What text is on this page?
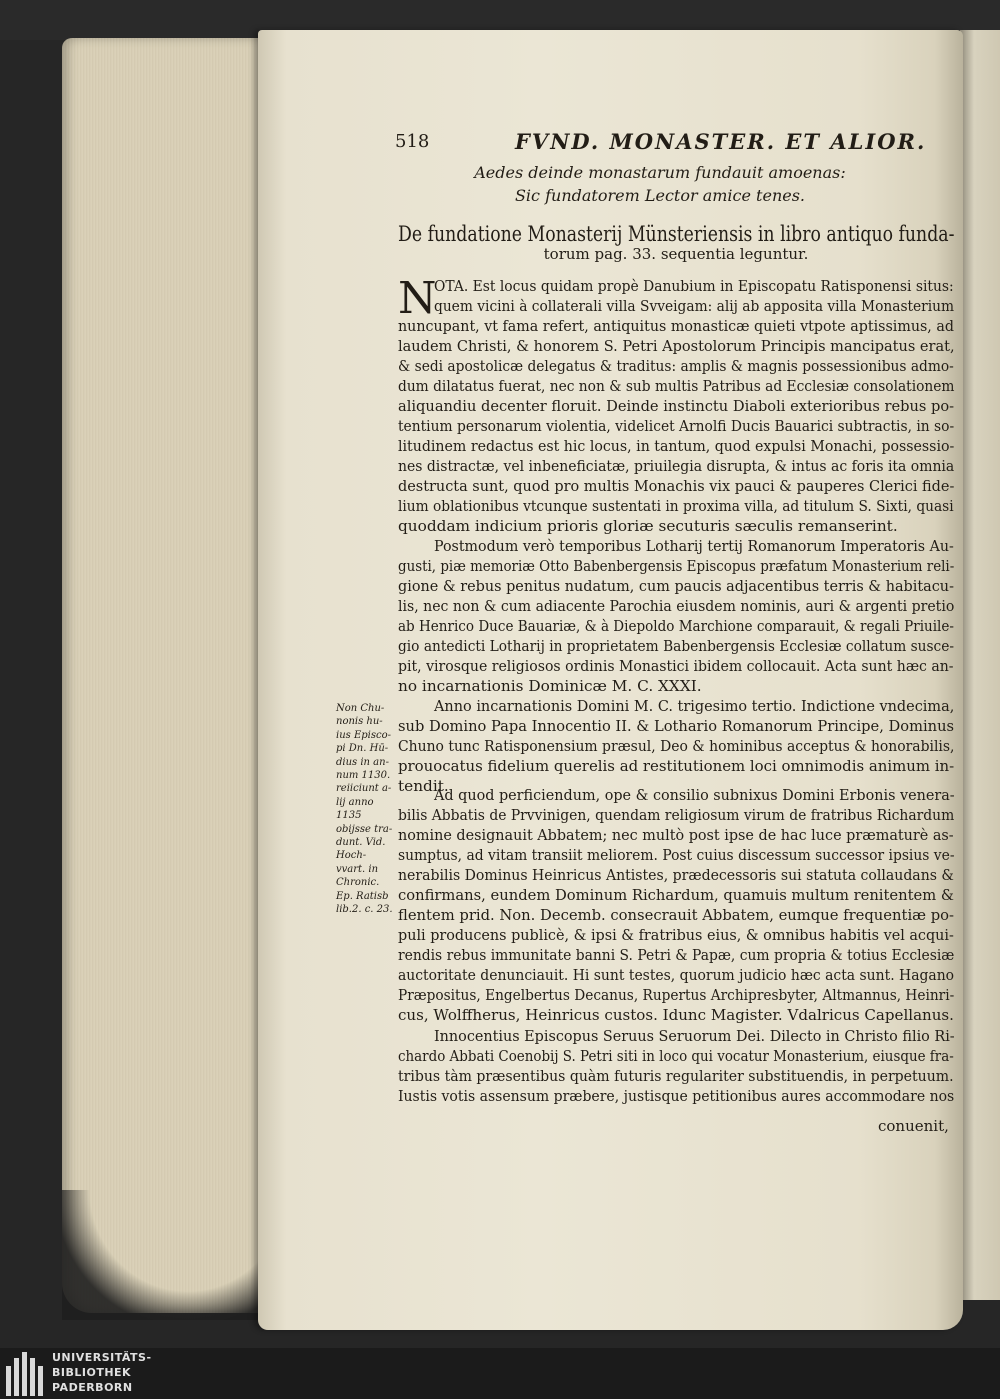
518	FVND. MONASTER. ET ALIOR.
Aedes deinde monastarum fundauit amoenas:
Sic fundatorem Lector amice tenes.
De fundatione Monasterij Münsteriensis in libro antiquo funda-
torum pag. 33. sequentia leguntur.
N
OTA. Est locus quidam propè Danubium in Episcopatu Ratisponensi situs:
quem vicini à collaterali villa Svveigam: alij ab apposita villa Monasterium
nuncupant, vt fama refert, antiquitus monasticæ quieti vtpote aptissimus, ad
laudem Christi, & honorem S. Petri Apostolorum Principis mancipatus erat,
& sedi apostolicæ delegatus & traditus: amplis & magnis possessionibus admo-
dum dilatatus fuerat, nec non & sub multis Patribus ad Ecclesiæ consolationem
aliquandiu decenter floruit. Deinde instinctu Diaboli exterioribus rebus po-
tentium personarum violentia, videlicet Arnolfi Ducis Bauarici subtractis, in so-
litudinem redactus est hic locus, in tantum, quod expulsi Monachi, possessio-
nes distractæ, vel inbeneficiatæ, priuilegia disrupta, & intus ac foris ita omnia
destructa sunt, quod pro multis Monachis vix pauci & pauperes Clerici fide-
lium oblationibus vtcunque sustentati in proxima villa, ad titulum S. Sixti, quasi
quoddam indicium prioris gloriæ secuturis sæculis remanserint.
Postmodum verò temporibus Lotharij tertij Romanorum Imperatoris Au-
gusti, piæ memoriæ Otto Babenbergensis Episcopus præfatum Monasterium reli-
gione & rebus penitus nudatum, cum paucis adjacentibus terris & habitacu-
lis, nec non & cum adiacente Parochia eiusdem nominis, auri & argenti pretio
ab Henrico Duce Bauariæ, & à Diepoldo Marchione comparauit, & regali Priuile-
gio antedicti Lotharij in proprietatem Babenbergensis Ecclesiæ collatum susce-
pit, virosque religiosos ordinis Monastici ibidem collocauit. Acta sunt hæc an-
no incarnationis Dominicæ M. C. XXXI.
Anno incarnationis Domini M. C. trigesimo tertio. Indictione vndecima,
sub Domino Papa Innocentio II. & Lothario Romanorum Principe, Dominus
Chuno tunc Ratisponensium præsul, Deo & hominibus acceptus & honorabilis,
prouocatus fidelium querelis ad restitutionem loci omnimodis animum in-
tendit.
Ad quod perficiendum, ope & consilio subnixus Domini Erbonis venera-
bilis Abbatis de Prvvinigen, quendam religiosum virum de fratribus Richardum
nomine designauit Abbatem; nec multò post ipse de hac luce præmaturè as-
sumptus, ad vitam transiit meliorem. Post cuius discessum successor ipsius ve-
nerabilis Dominus Heinricus Antistes, prædecessoris sui statuta collaudans &
confirmans, eundem Dominum Richardum, quamuis multum renitentem &
flentem prid. Non. Decemb. consecrauit Abbatem, eumque frequentiæ po-
puli producens publicè, & ipsi & fratribus eius, & omnibus habitis vel acqui-
rendis rebus immunitate banni S. Petri & Papæ, cum propria & totius Ecclesiæ
auctoritate denunciauit. Hi sunt testes, quorum judicio hæc acta sunt. Hagano
Præpositus, Engelbertus Decanus, Rupertus Archipresbyter, Altmannus, Heinri-
cus, Wolffherus, Heinricus custos. Idunc Magister. Vdalricus Capellanus.
Innocentius Episcopus Seruus Seruorum Dei. Dilecto in Christo filio Ri-
chardo Abbati Coenobij S. Petri siti in loco qui vocatur Monasterium, eiusque fra-
tribus tàm præsentibus quàm futuris regulariter substituendis, in perpetuum.
Iustis votis assensum præbere, justisque petitionibus aures accommodare nos
Non Chu-
nonis hu-
ius Episco-
pi Dn. Hū-
dius in an-
num 1130.
reiiciunt a-
lij anno
1135
obijsse tra-
dunt. Vid.
Hoch-
vvart. in
Chronic.
Ep. Ratisb
lib.2. c. 23.
conuenit,
UNIVERSITÄTS-
BIBLIOTHEK
PADERBORN
